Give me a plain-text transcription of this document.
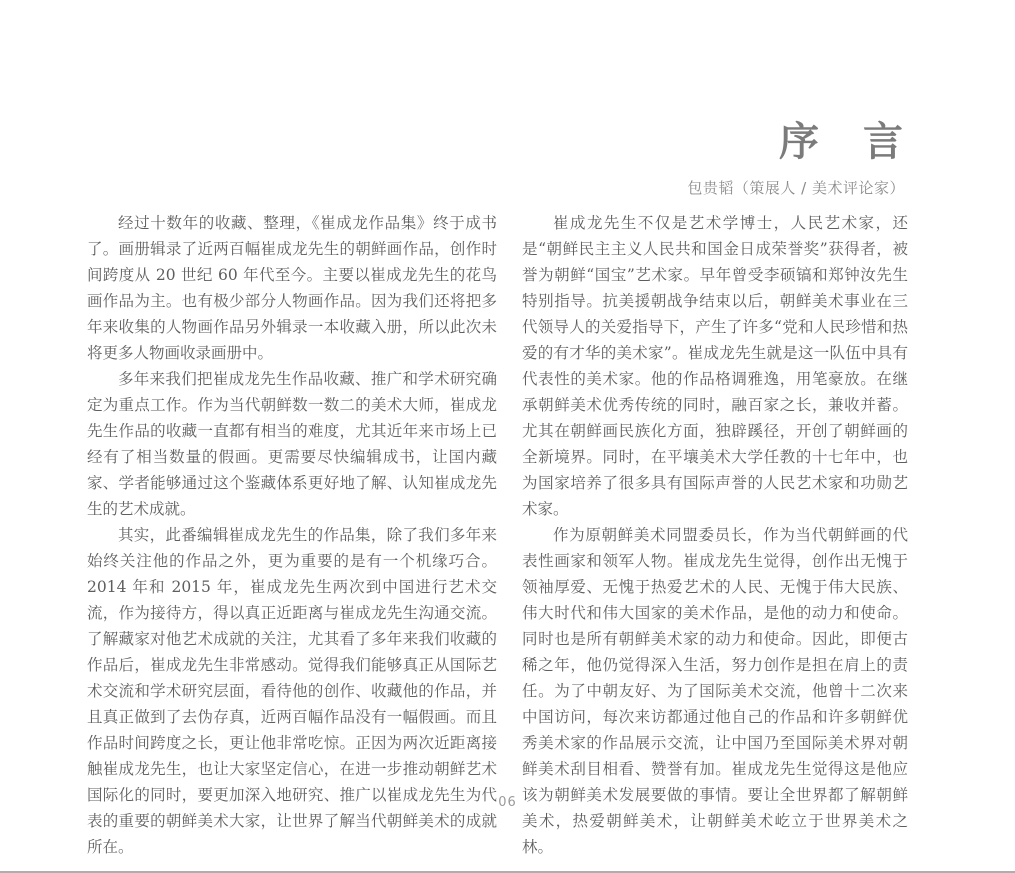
序　言
包贵韬（策展人 / 美术评论家）

经过十数年的收藏、整理，《崔成龙作品集》终于成书了。画册辑录了近两百幅崔成龙先生的朝鲜画作品，创作时间跨度从 20 世纪 60 年代至今。主要以崔成龙先生的花鸟画作品为主。也有极少部分人物画作品。因为我们还将把多年来收集的人物画作品另外辑录一本收藏入册，所以此次未将更多人物画收录画册中。

多年来我们把崔成龙先生作品收藏、推广和学术研究确定为重点工作。作为当代朝鲜数一数二的美术大师，崔成龙先生作品的收藏一直都有相当的难度，尤其近年来市场上已经有了相当数量的假画。更需要尽快编辑成书，让国内藏家、学者能够通过这个鉴藏体系更好地了解、认知崔成龙先生的艺术成就。

其实，此番编辑崔成龙先生的作品集，除了我们多年来始终关注他的作品之外，更为重要的是有一个机缘巧合。2014 年和 2015 年，崔成龙先生两次到中国进行艺术交流，作为接待方，得以真正近距离与崔成龙先生沟通交流。了解藏家对他艺术成就的关注，尤其看了多年来我们收藏的作品后，崔成龙先生非常感动。觉得我们能够真正从国际艺术交流和学术研究层面，看待他的创作、收藏他的作品，并且真正做到了去伪存真，近两百幅作品没有一幅假画。而且作品时间跨度之长，更让他非常吃惊。正因为两次近距离接触崔成龙先生，也让大家坚定信心，在进一步推动朝鲜艺术国际化的同时，要更加深入地研究、推广以崔成龙先生为代表的重要的朝鲜美术大家，让世界了解当代朝鲜美术的成就所在。

崔成龙先生不仅是艺术学博士，人民艺术家，还是“朝鲜民主主义人民共和国金日成荣誉奖”获得者，被誉为朝鲜“国宝”艺术家。早年曾受李硕镐和郑钟汝先生特别指导。抗美援朝战争结束以后，朝鲜美术事业在三代领导人的关爱指导下，产生了许多“党和人民珍惜和热爱的有才华的美术家”。崔成龙先生就是这一队伍中具有代表性的美术家。他的作品格调雅逸，用笔豪放。在继承朝鲜美术优秀传统的同时，融百家之长，兼收并蓄。尤其在朝鲜画民族化方面，独辟蹊径，开创了朝鲜画的全新境界。同时，在平壤美术大学任教的十七年中，也为国家培养了很多具有国际声誉的人民艺术家和功勋艺术家。

作为原朝鲜美术同盟委员长，作为当代朝鲜画的代表性画家和领军人物。崔成龙先生觉得，创作出无愧于领袖厚爱、无愧于热爱艺术的人民、无愧于伟大民族、伟大时代和伟大国家的美术作品，是他的动力和使命。同时也是所有朝鲜美术家的动力和使命。因此，即便古稀之年，他仍觉得深入生活，努力创作是担在肩上的责任。为了中朝友好、为了国际美术交流，他曾十二次来中国访问，每次来访都通过他自己的作品和许多朝鲜优秀美术家的作品展示交流，让中国乃至国际美术界对朝鲜美术刮目相看、赞誉有加。崔成龙先生觉得这是他应该为朝鲜美术发展要做的事情。要让全世界都了解朝鲜美术，热爱朝鲜美术，让朝鲜美术屹立于世界美术之林。

06
